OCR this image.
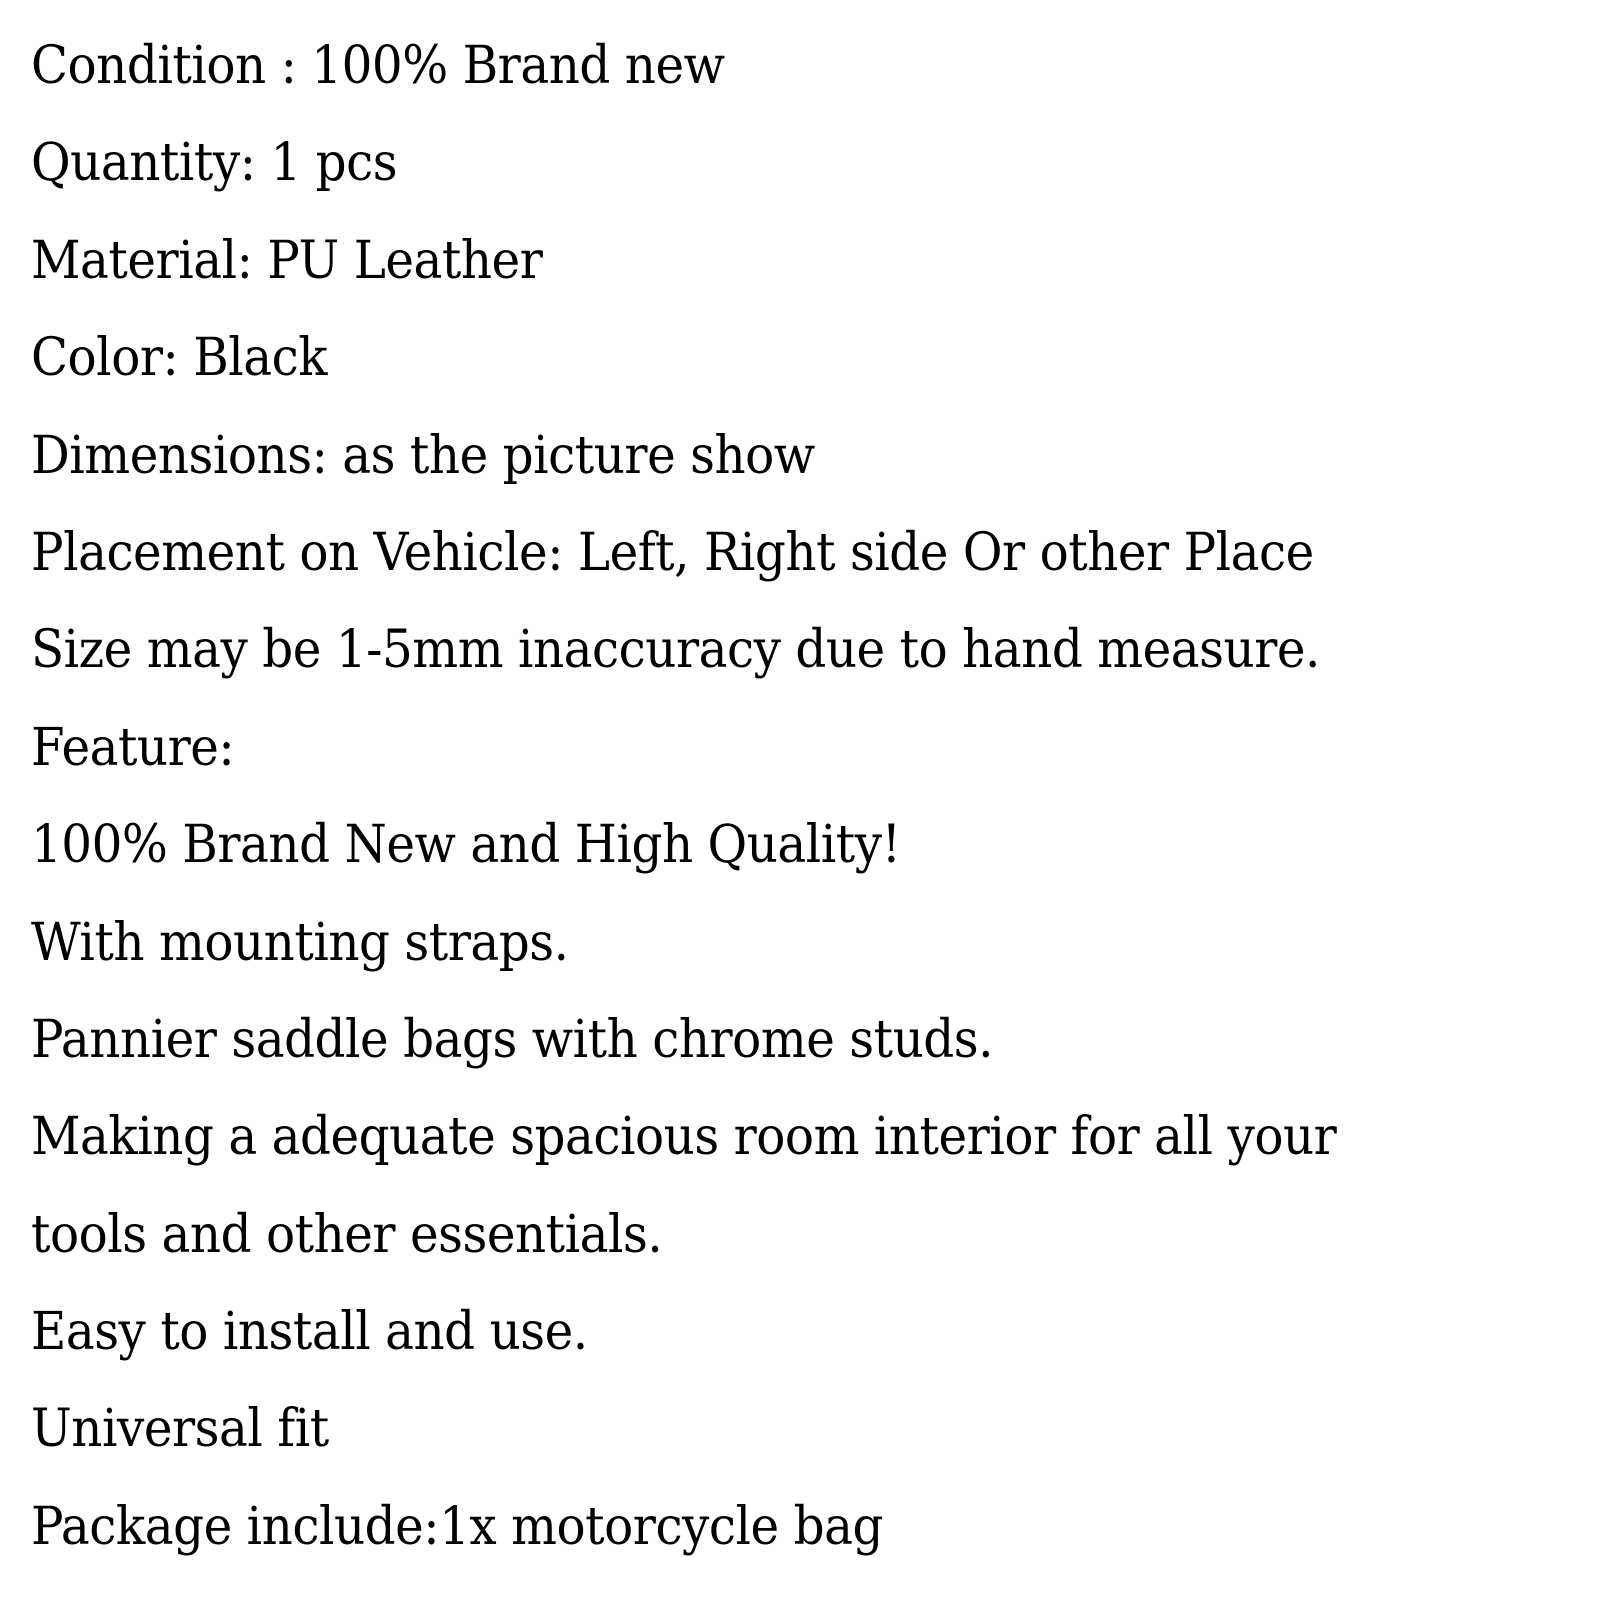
Condition : 100% Brand new
Quantity: 1 pcs
Material: PU Leather
Color: Black
Dimensions: as the picture show
Placement on Vehicle: Left, Right side Or other Place
Size may be 1-5mm inaccuracy due to hand measure.
Feature:
100% Brand New and High Quality!
With mounting straps.
Pannier saddle bags with chrome studs.
Making a adequate spacious room interior for all your
tools and other essentials.
Easy to install and use.
Universal fit
Package include:1x motorcycle bag
